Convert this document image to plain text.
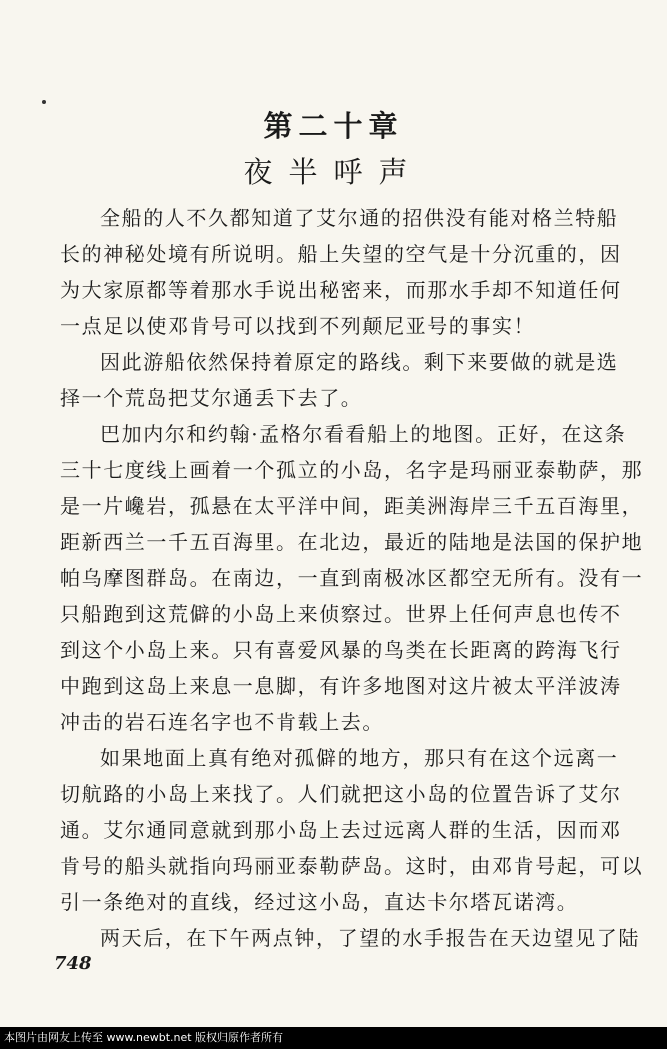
第二十章
夜半呼声
全船的人不久都知道了艾尔通的招供没有能对格兰特船
长的神秘处境有所说明。船上失望的空气是十分沉重的，因
为大家原都等着那水手说出秘密来，而那水手却不知道任何
一点足以使邓肯号可以找到不列颠尼亚号的事实！
因此游船依然保持着原定的路线。剩下来要做的就是选
择一个荒岛把艾尔通丢下去了。
巴加内尔和约翰·孟格尔看看船上的地图。正好，在这条
三十七度线上画着一个孤立的小岛，名字是玛丽亚泰勒萨，那
是一片巉岩，孤悬在太平洋中间，距美洲海岸三千五百海里，
距新西兰一千五百海里。在北边，最近的陆地是法国的保护地
帕乌摩图群岛。在南边，一直到南极冰区都空无所有。没有一
只船跑到这荒僻的小岛上来侦察过。世界上任何声息也传不
到这个小岛上来。只有喜爱风暴的鸟类在长距离的跨海飞行
中跑到这岛上来息一息脚，有许多地图对这片被太平洋波涛
冲击的岩石连名字也不肯载上去。
如果地面上真有绝对孤僻的地方，那只有在这个远离一
切航路的小岛上来找了。人们就把这小岛的位置告诉了艾尔
通。艾尔通同意就到那小岛上去过远离人群的生活，因而邓
肯号的船头就指向玛丽亚泰勒萨岛。这时，由邓肯号起，可以
引一条绝对的直线，经过这小岛，直达卡尔塔瓦诺湾。
两天后，在下午两点钟，了望的水手报告在天边望见了陆
748
本图片由网友上传至 www.newbt.net 版权归原作者所有
